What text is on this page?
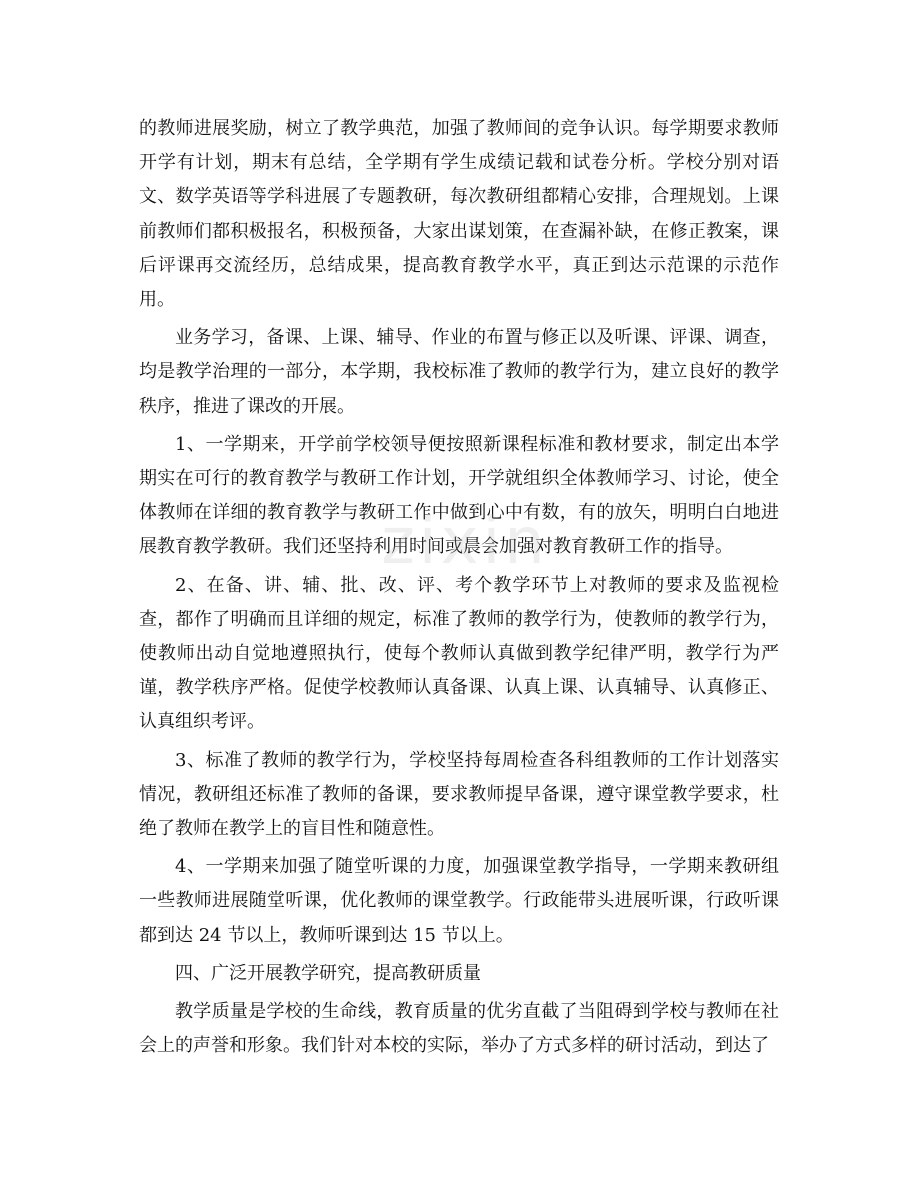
的教师进展奖励，树立了教学典范，加强了教师间的竞争认识。每学期要求教师开学有计划，期末有总结，全学期有学生成绩记载和试卷分析。学校分别对语文、数学英语等学科进展了专题教研，每次教研组都精心安排，合理规划。上课前教师们都积极报名，积极预备，大家出谋划策，在查漏补缺，在修正教案，课后评课再交流经历，总结成果，提高教育教学水平，真正到达示范课的示范作用。

业务学习，备课、上课、辅导、作业的布置与修正以及听课、评课、调查，均是教学治理的一部分，本学期，我校标准了教师的教学行为，建立良好的教学秩序，推进了课改的开展。

1、一学期来，开学前学校领导便按照新课程标准和教材要求，制定出本学期实在可行的教育教学与教研工作计划，开学就组织全体教师学习、讨论，使全体教师在详细的教育教学与教研工作中做到心中有数，有的放矢，明明白白地进展教育教学教研。我们还坚持利用时间或晨会加强对教育教研工作的指导。

2、在备、讲、辅、批、改、评、考个教学环节上对教师的要求及监视检查，都作了明确而且详细的规定，标准了教师的教学行为，使教师的教学行为，使教师出动自觉地遵照执行，使每个教师认真做到教学纪律严明，教学行为严谨，教学秩序严格。促使学校教师认真备课、认真上课、认真辅导、认真修正、认真组织考评。

3、标准了教师的教学行为，学校坚持每周检查各科组教师的工作计划落实情况，教研组还标准了教师的备课，要求教师提早备课，遵守课堂教学要求，杜绝了教师在教学上的盲目性和随意性。

4、一学期来加强了随堂听课的力度，加强课堂教学指导，一学期来教研组一些教师进展随堂听课，优化教师的课堂教学。行政能带头进展听课，行政听课都到达 24 节以上，教师听课到达 15 节以上。

四、广泛开展教学研究，提高教研质量

教学质量是学校的生命线，教育质量的优劣直截了当阻碍到学校与教师在社会上的声誉和形象。我们针对本校的实际，举办了方式多样的研讨活动，到达了

zixin
